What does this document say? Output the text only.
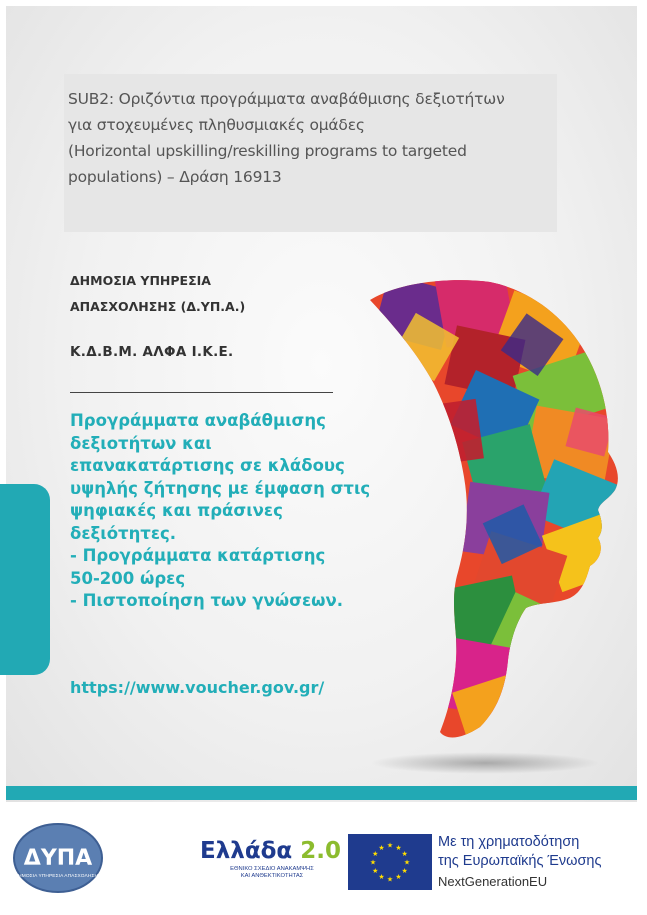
SUB2: Οριζόντια προγράμματα αναβάθμισης δεξιοτήτων
για στοχευμένες πληθυσμιακές ομάδες
(Horizontal upskilling/reskilling programs to targeted
populations) – Δράση 16913
ΔΗΜΟΣΙΑ ΥΠΗΡΕΣΙΑ
ΑΠΑΣΧΟΛΗΣΗΣ (Δ.ΥΠ.Α.)
Κ.Δ.Β.Μ. ΑΛΦΑ Ι.Κ.Ε.
Προγράμματα αναβάθμισης
δεξιοτήτων και
επανακατάρτισης σε κλάδους
υψηλής ζήτησης με έμφαση στις
ψηφιακές και πράσινες
δεξιότητες.
- Προγράμματα κατάρτισης
50-200 ώρες
- Πιστοποίηση των γνώσεων.
https://www.voucher.gov.gr/
ΔΥΠΑ
ΔΗΜΟΣΙΑ ΥΠΗΡΕΣΙΑ ΑΠΑΣΧΟΛΗΣΗΣ
Ελλάδα 2.0
ΕΘΝΙΚΟ ΣΧΕΔΙΟ ΑΝΑΚΑΜΨΗΣ
ΚΑΙ ΑΝΘΕΚΤΙΚΟΤΗΤΑΣ
★ ★
★
★
★
★
★
★
★
★
★
★	Με τη χρηματοδότηση
της Ευρωπαϊκής Ένωσης
NextGenerationEU
